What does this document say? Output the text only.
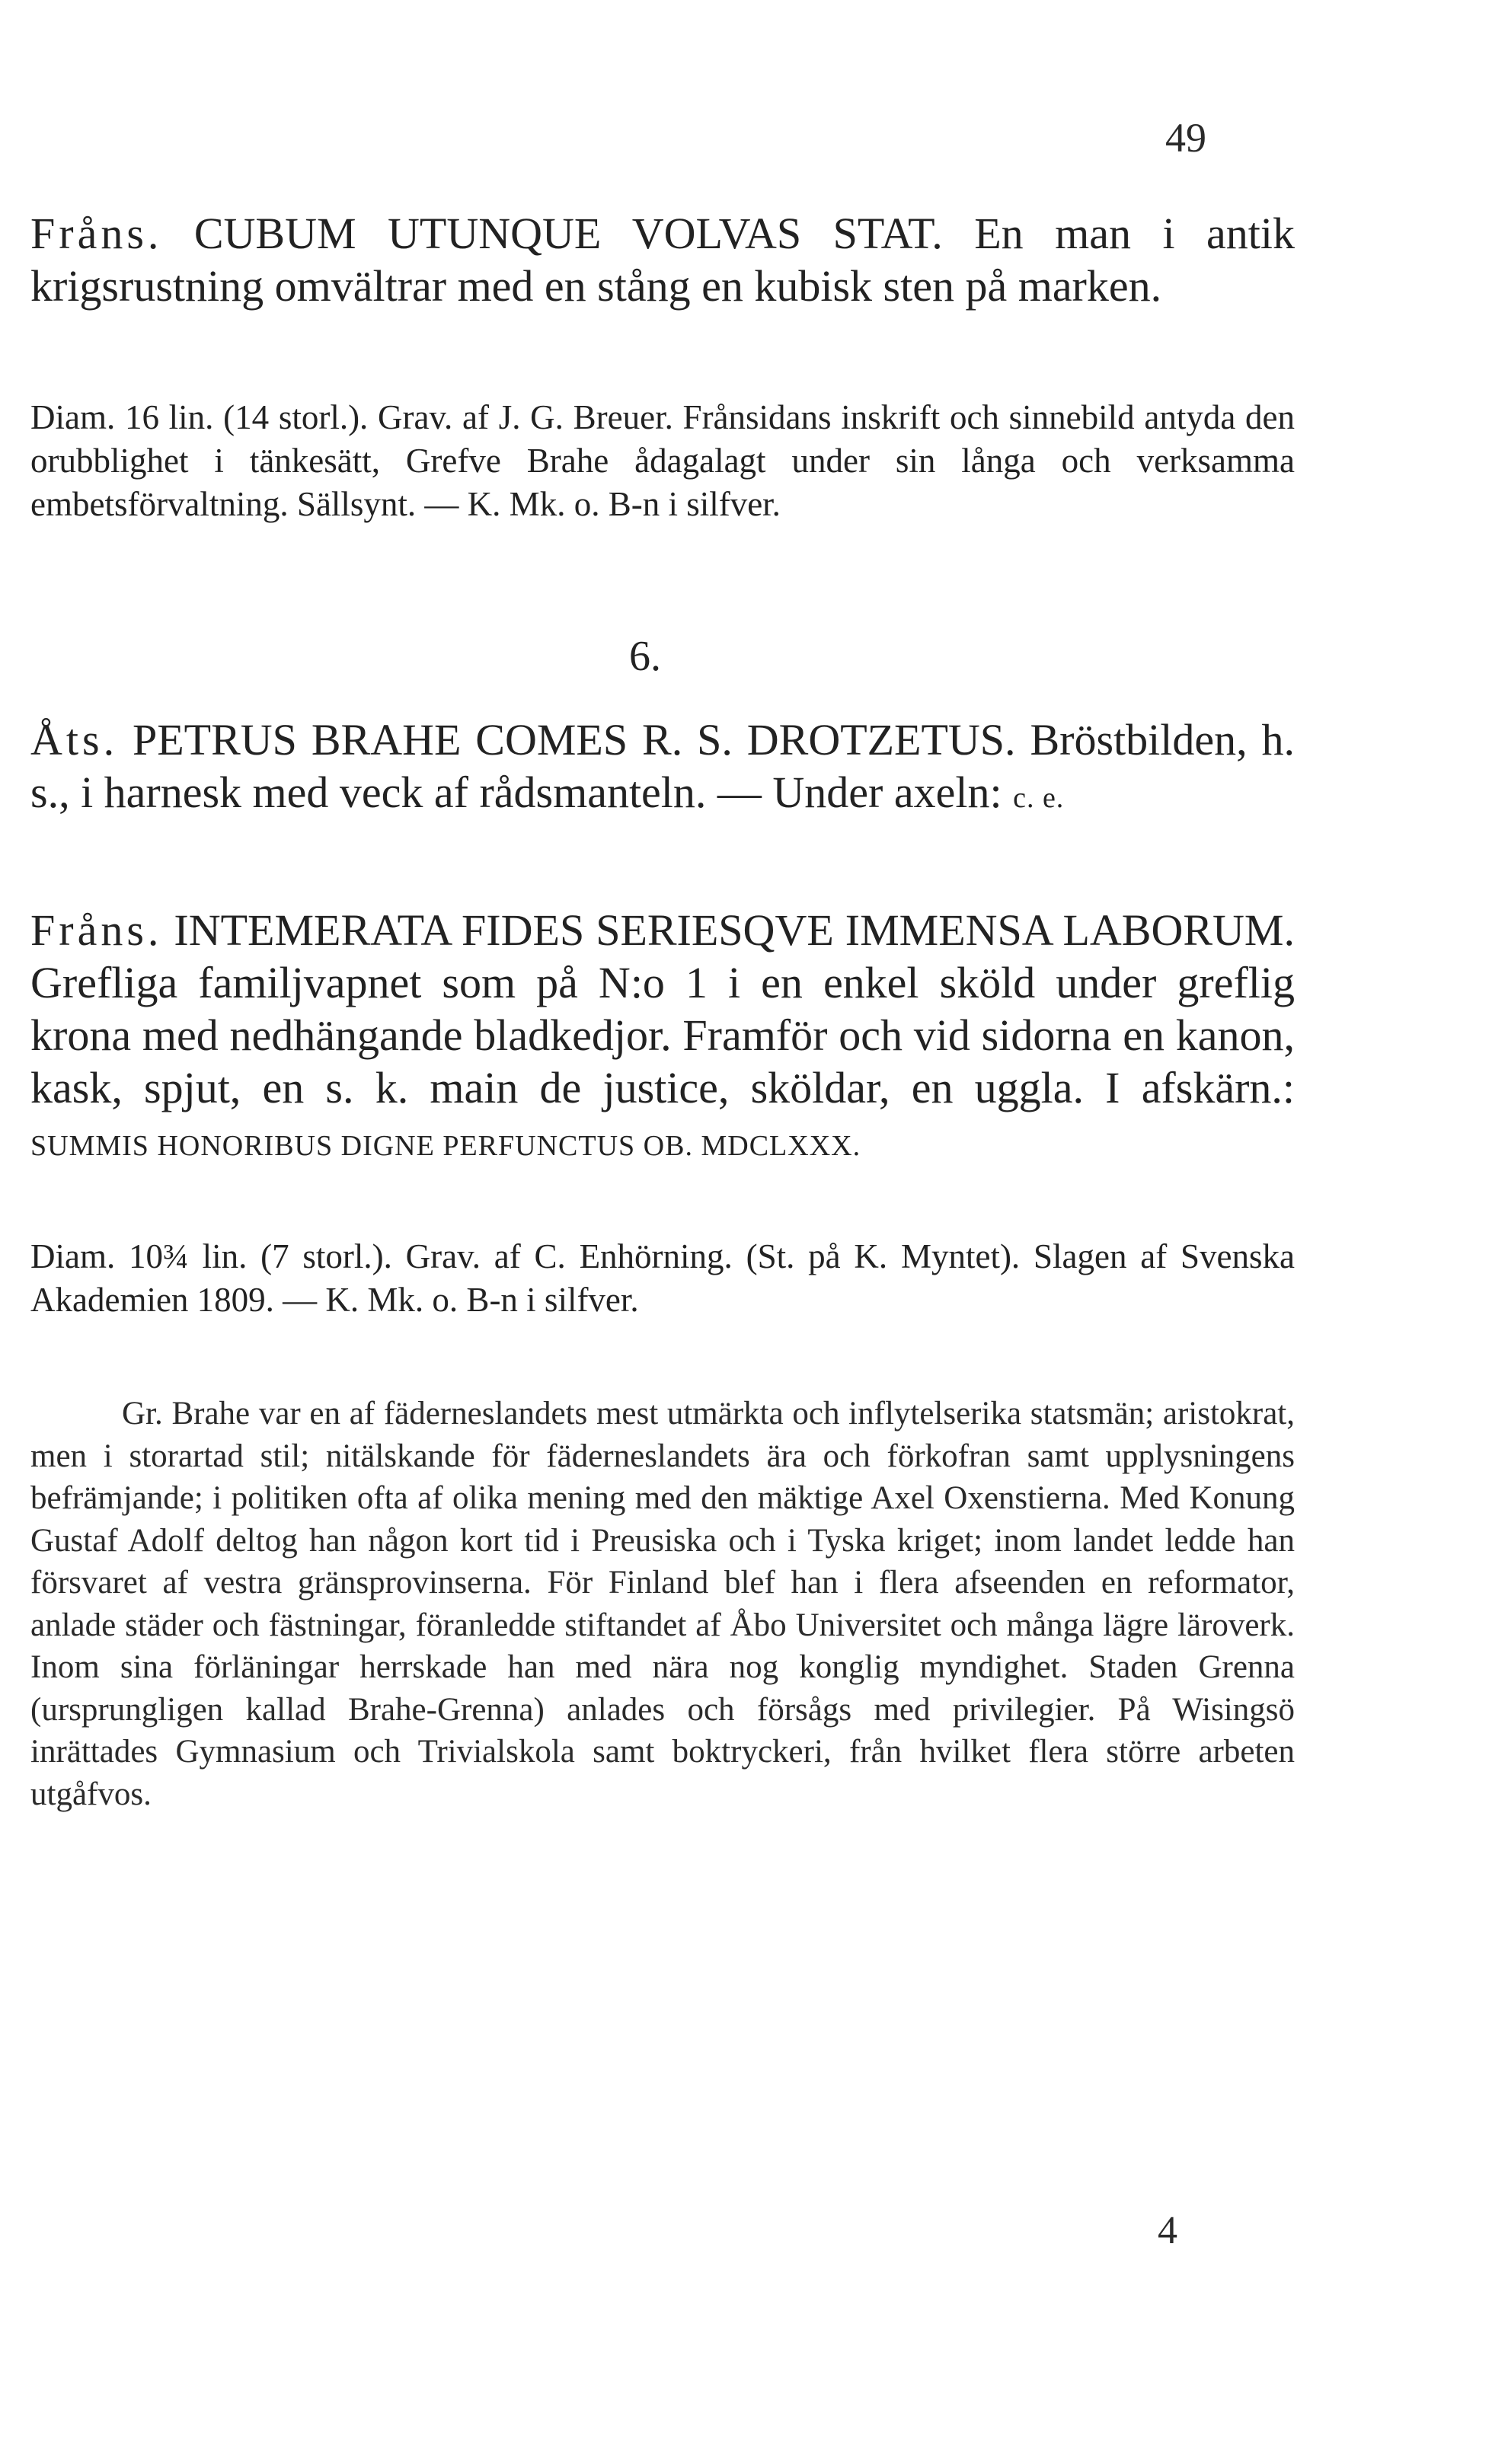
49

Fråns. CUBUM UTUNQUE VOLVAS STAT. En man i antik krigsrustning omvältrar med en stång en kubisk sten på marken.

Diam. 16 lin. (14 storl.). Grav. af J. G. Breuer. Frånsidans inskrift och sinnebild antyda den orubblighet i tänkesätt, Grefve Brahe ådagalagt under sin långa och verksamma embetsförvaltning. Sällsynt. — K. Mk. o. B-n i silfver.

6.

Åts. PETRUS BRAHE COMES R. S. DROTZETUS. Bröstbilden, h. s., i harnesk med veck af rådsmanteln. — Under axeln: c. e.

Fråns. INTEMERATA FIDES SERIESQVE IMMENSA LABORUM. Grefliga familjvapnet som på N:o 1 i en enkel sköld under greflig krona med nedhängande bladkedjor. Framför och vid sidorna en kanon, kask, spjut, en s. k. main de justice, sköldar, en uggla. I afskärn.: SUMMIS HONORIBUS DIGNE PERFUNCTUS OB. MDCLXXX.

Diam. 10¾ lin. (7 storl.). Grav. af C. Enhörning. (St. på K. Myntet). Slagen af Svenska Akademien 1809. — K. Mk. o. B-n i silfver.

Gr. Brahe var en af fäderneslandets mest utmärkta och inflytelserika statsmän; aristokrat, men i storartad stil; nitälskande för fäderneslandets ära och förkofran samt upplysningens befrämjande; i politiken ofta af olika mening med den mäktige Axel Oxenstierna. Med Konung Gustaf Adolf deltog han någon kort tid i Preusiska och i Tyska kriget; inom landet ledde han försvaret af vestra gränsprovinserna. För Finland blef han i flera afseenden en reformator, anlade städer och fästningar, föranledde stiftandet af Åbo Universitet och många lägre läroverk. Inom sina förläningar herrskade han med nära nog konglig myndighet. Staden Grenna (ursprungligen kallad Brahe-Grenna) anlades och försågs med privilegier. På Wisingsö inrättades Gymnasium och Trivialskola samt boktryckeri, från hvilket flera större arbeten utgåfvos.

4
